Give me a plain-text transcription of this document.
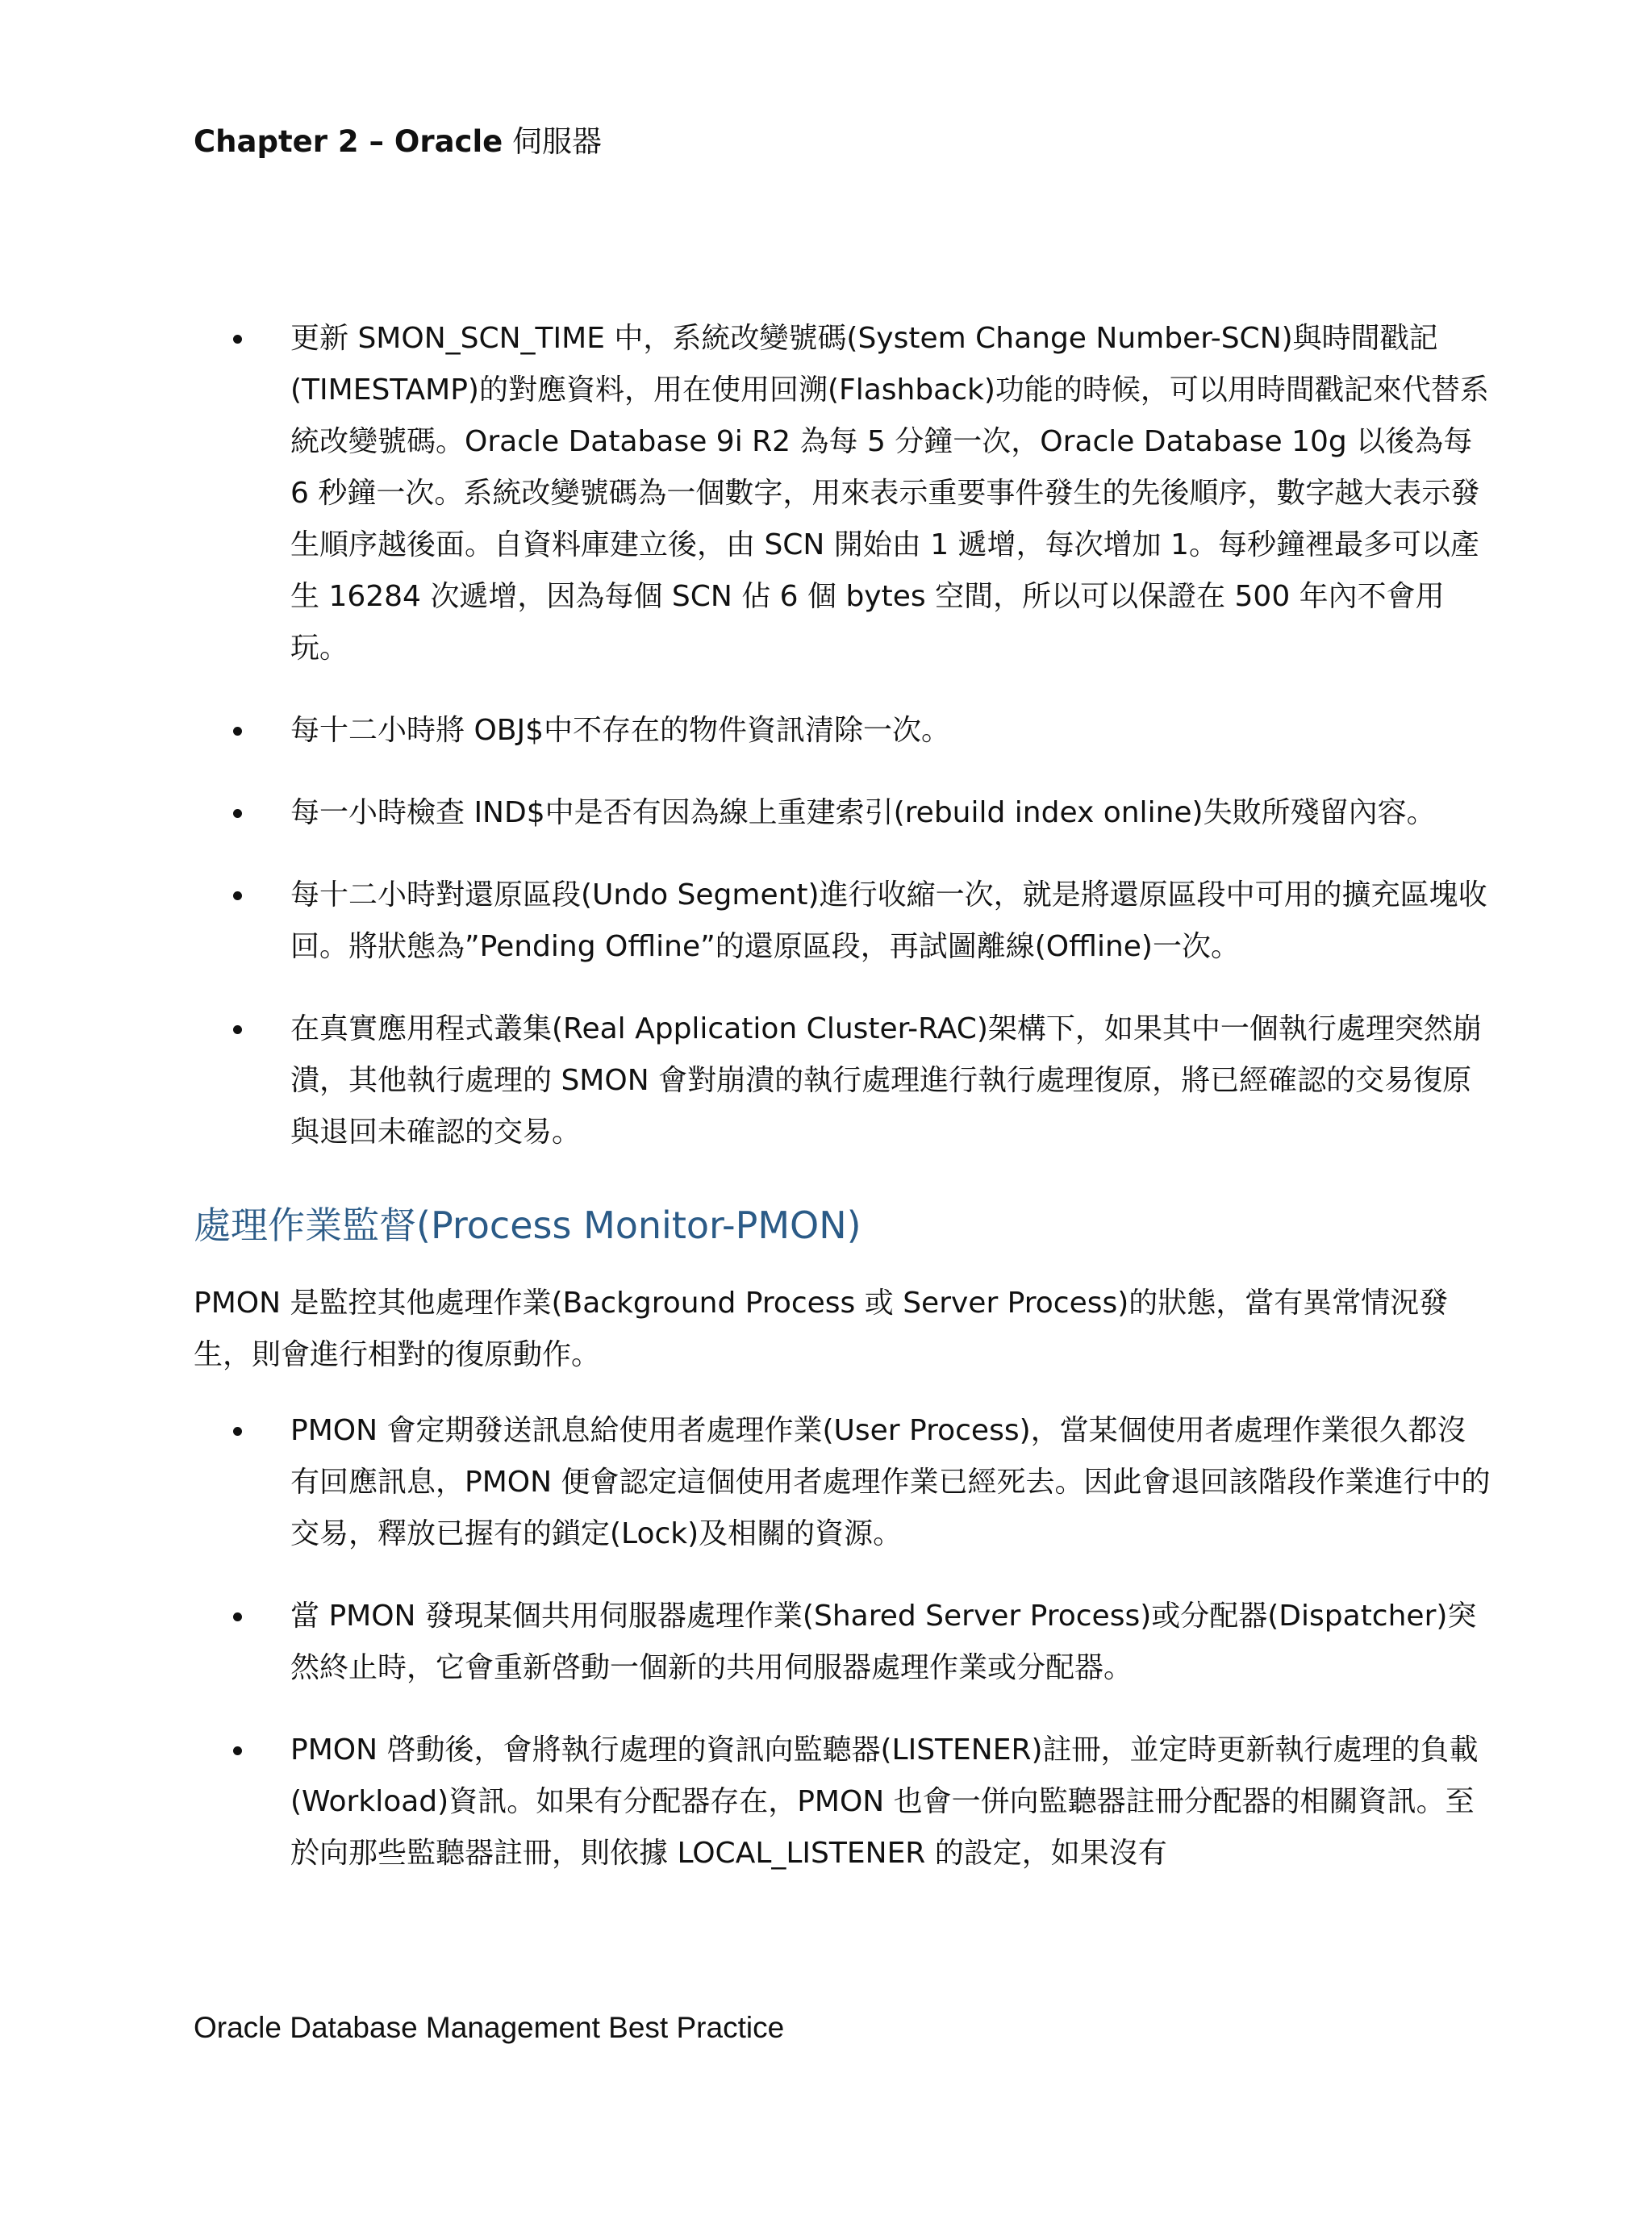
Chapter 2 – Oracle 伺服器
更新 SMON_SCN_TIME 中，系統改變號碼(System Change Number-SCN)與時間戳記(TIMESTAMP)的對應資料，用在使用回溯(Flashback)功能的時候，可以用時間戳記來代替系統改變號碼。Oracle Database 9i R2 為每 5 分鐘一次，Oracle Database 10g 以後為每 6 秒鐘一次。系統改變號碼為一個數字，用來表示重要事件發生的先後順序，數字越大表示發生順序越後面。自資料庫建立後，由 SCN 開始由 1 遞增，每次增加 1。每秒鐘裡最多可以產生 16284 次遞增，因為每個 SCN 佔 6 個 bytes 空間，所以可以保證在 500 年內不會用玩。
每十二小時將 OBJ$中不存在的物件資訊清除一次。
每一小時檢查 IND$中是否有因為線上重建索引(rebuild index online)失敗所殘留內容。
每十二小時對還原區段(Undo Segment)進行收縮一次，就是將還原區段中可用的擴充區塊收回。將狀態為”Pending Offline”的還原區段，再試圖離線(Offline)一次。
在真實應用程式叢集(Real Application Cluster-RAC)架構下，如果其中一個執行處理突然崩潰，其他執行處理的 SMON 會對崩潰的執行處理進行執行處理復原，將已經確認的交易復原與退回未確認的交易。
處理作業監督(Process Monitor-PMON)

PMON 是監控其他處理作業(Background Process 或 Server Process)的狀態，當有異常情況發生，則會進行相對的復原動作。

PMON 會定期發送訊息給使用者處理作業(User Process)，當某個使用者處理作業很久都沒有回應訊息，PMON 便會認定這個使用者處理作業已經死去。因此會退回該階段作業進行中的交易，釋放已握有的鎖定(Lock)及相關的資源。
當 PMON 發現某個共用伺服器處理作業(Shared Server Process)或分配器(Dispatcher)突然終止時，它會重新啓動一個新的共用伺服器處理作業或分配器。
PMON 啓動後，會將執行處理的資訊向監聽器(LISTENER)註冊，並定時更新執行處理的負載(Workload)資訊。如果有分配器存在，PMON 也會一併向監聽器註冊分配器的相關資訊。至於向那些監聽器註冊，則依據 LOCAL_LISTENER 的設定，如果沒有
Oracle Database Management Best Practice
